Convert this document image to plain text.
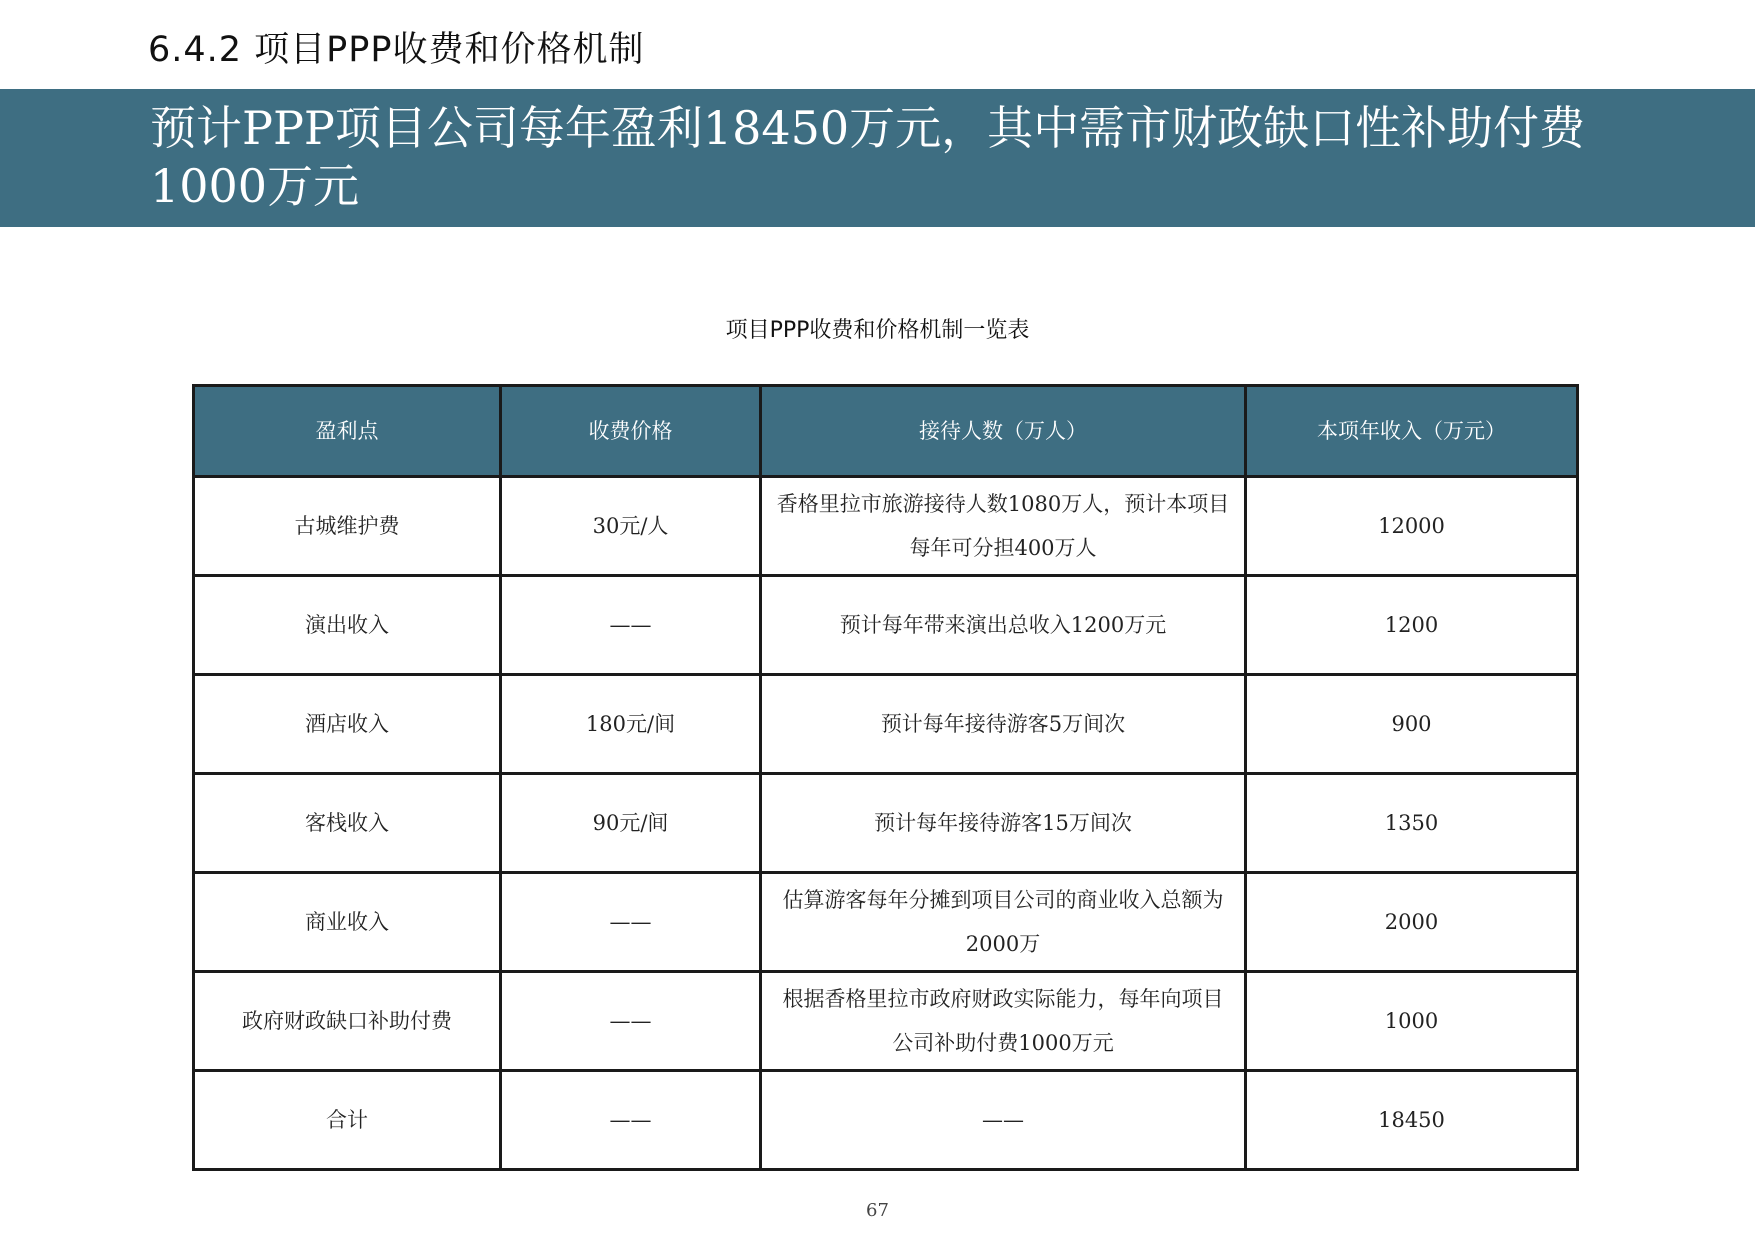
6.4.2 项目PPP收费和价格机制
预计PPP项目公司每年盈利18450万元，其中需市财政缺口性补助付费1000万元
项目PPP收费和价格机制一览表
盈利点	收费价格	接待人数（万人）	本项年收入（万元）
古城维护费	30元/人	香格里拉市旅游接待人数1080万人，预计本项目每年可分担400万人	12000
演出收入	——	预计每年带来演出总收入1200万元	1200
酒店收入	180元/间	预计每年接待游客5万间次	900
客栈收入	90元/间	预计每年接待游客15万间次	1350
商业收入	——	估算游客每年分摊到项目公司的商业收入总额为2000万	2000
政府财政缺口补助付费	——	根据香格里拉市政府财政实际能力，每年向项目公司补助付费1000万元	1000
合计	——	——	18450
67
